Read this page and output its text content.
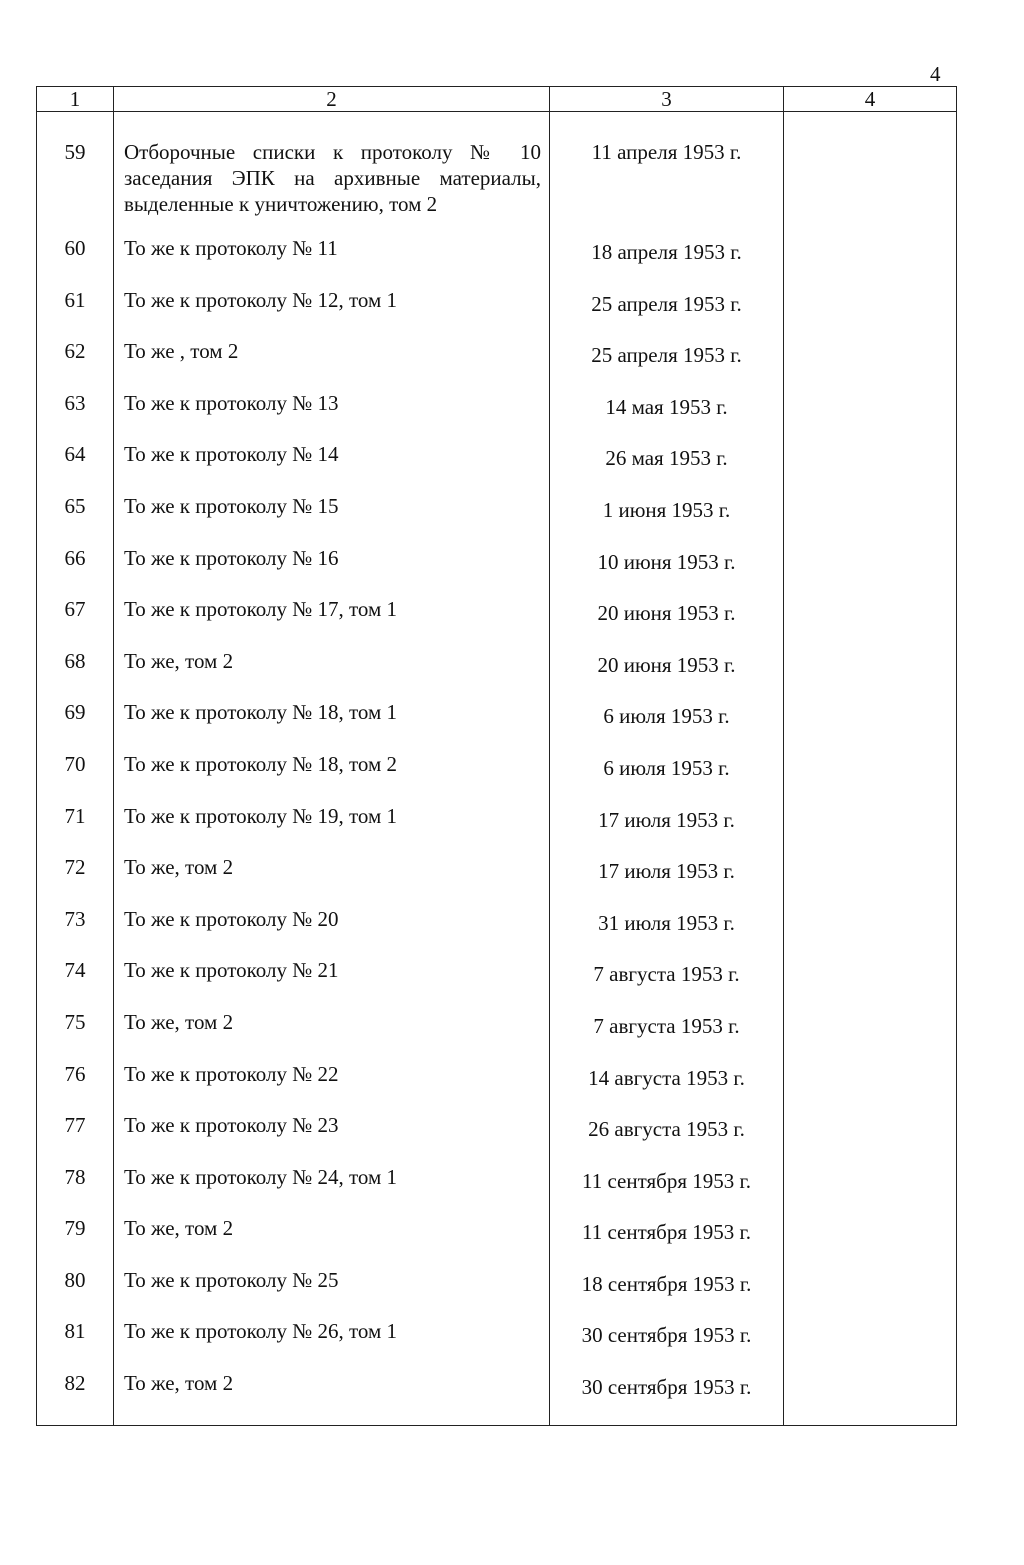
4
1	2	3	4
59	Отборочные списки к протоколу № 10 заседания ЭПК на архивные материалы, выделенные к уничтожению, том 2	11 апреля 1953 г.	
60	То же к протоколу № 11	18 апреля 1953 г.	
61	То же к протоколу № 12, том 1	25 апреля 1953 г.	
62	То же , том 2	25 апреля 1953 г.	
63	То же к протоколу № 13	14 мая 1953 г.	
64	То же к протоколу № 14	26 мая 1953 г.	
65	То же к протоколу № 15	1 июня 1953 г.	
66	То же к протоколу № 16	10 июня 1953 г.	
67	То же к протоколу № 17, том 1	20 июня 1953 г.	
68	То же, том 2	20 июня 1953 г.	
69	То же к протоколу № 18, том 1	6 июля 1953 г.	
70	То же к протоколу № 18, том 2	6 июля 1953 г.	
71	То же к протоколу № 19, том 1	17 июля 1953 г.	
72	То же, том 2	17 июля 1953 г.	
73	То же к протоколу № 20	31 июля 1953 г.	
74	То же к протоколу № 21	7 августа 1953 г.	
75	То же, том 2	7 августа 1953 г.	
76	То же к протоколу № 22	14 августа 1953 г.	
77	То же к протоколу № 23	26 августа 1953 г.	
78	То же к протоколу № 24, том 1	11 сентября 1953 г.	
79	То же, том 2	11 сентября 1953 г.	
80	То же к протоколу № 25	18 сентября 1953 г.	
81	То же к протоколу № 26, том 1	30 сентября 1953 г.	
82	То же, том 2	30 сентября 1953 г.	
